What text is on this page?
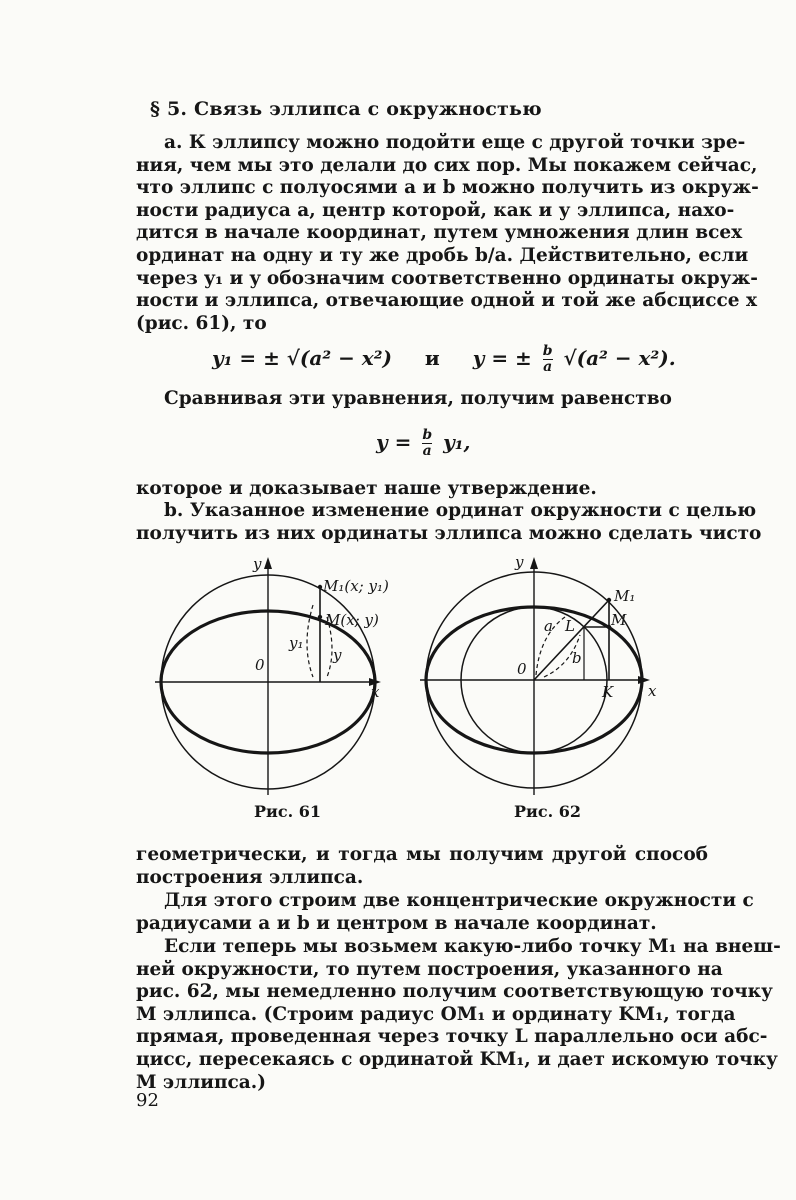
§ 5. Связь эллипса с окружностью
а. К эллипсу можно подойти еще с другой точки зре-
ния, чем мы это делали до сих пор. Мы покажем сейчас,
что эллипс с полуосями a и b можно получить из окруж-
ности радиуса a, центр которой, как и у эллипса, нахо-
дится в начале координат, путем умножения длин всех
ординат на одну и ту же дробь b/a. Действительно, если
через y₁ и y обозначим соответственно ординаты окруж-
ности и эллипса, отвечающие одной и той же абсциссе x
(рис. 61), то
y₁ = ± √(a² − x²) и y = ± $\frac{b}{a} √(a^2 - x^2)$.
Сравнивая эти уравнения, получим равенство
$y = \frac{b}{a} y_1$,
которое и доказывает наше утверждение.
b. Указанное изменение ординат окружности с целью
получить из них ординаты эллипса можно сделать чисто
y
x
0
M₁(x; y₁)
M(x; y)
y₁
y
Рис. 61
y
x
0
M₁
M
K
L
a
b
Рис. 62
геометрически, и тогда мы получим другой способ
построения эллипса.
Для этого строим две концентрические окружности с
радиусами a и b и центром в начале координат.
Если теперь мы возьмем какую-либо точку M₁ на внеш-
ней окружности, то путем построения, указанного на
рис. 62, мы немедленно получим соответствующую точку
M эллипса. (Строим радиус OM₁ и ординату KM₁, тогда
прямая, проведенная через точку L параллельно оси абс-
цисс, пересекаясь с ординатой KM₁, и дает искомую точку
M эллипса.)
92
